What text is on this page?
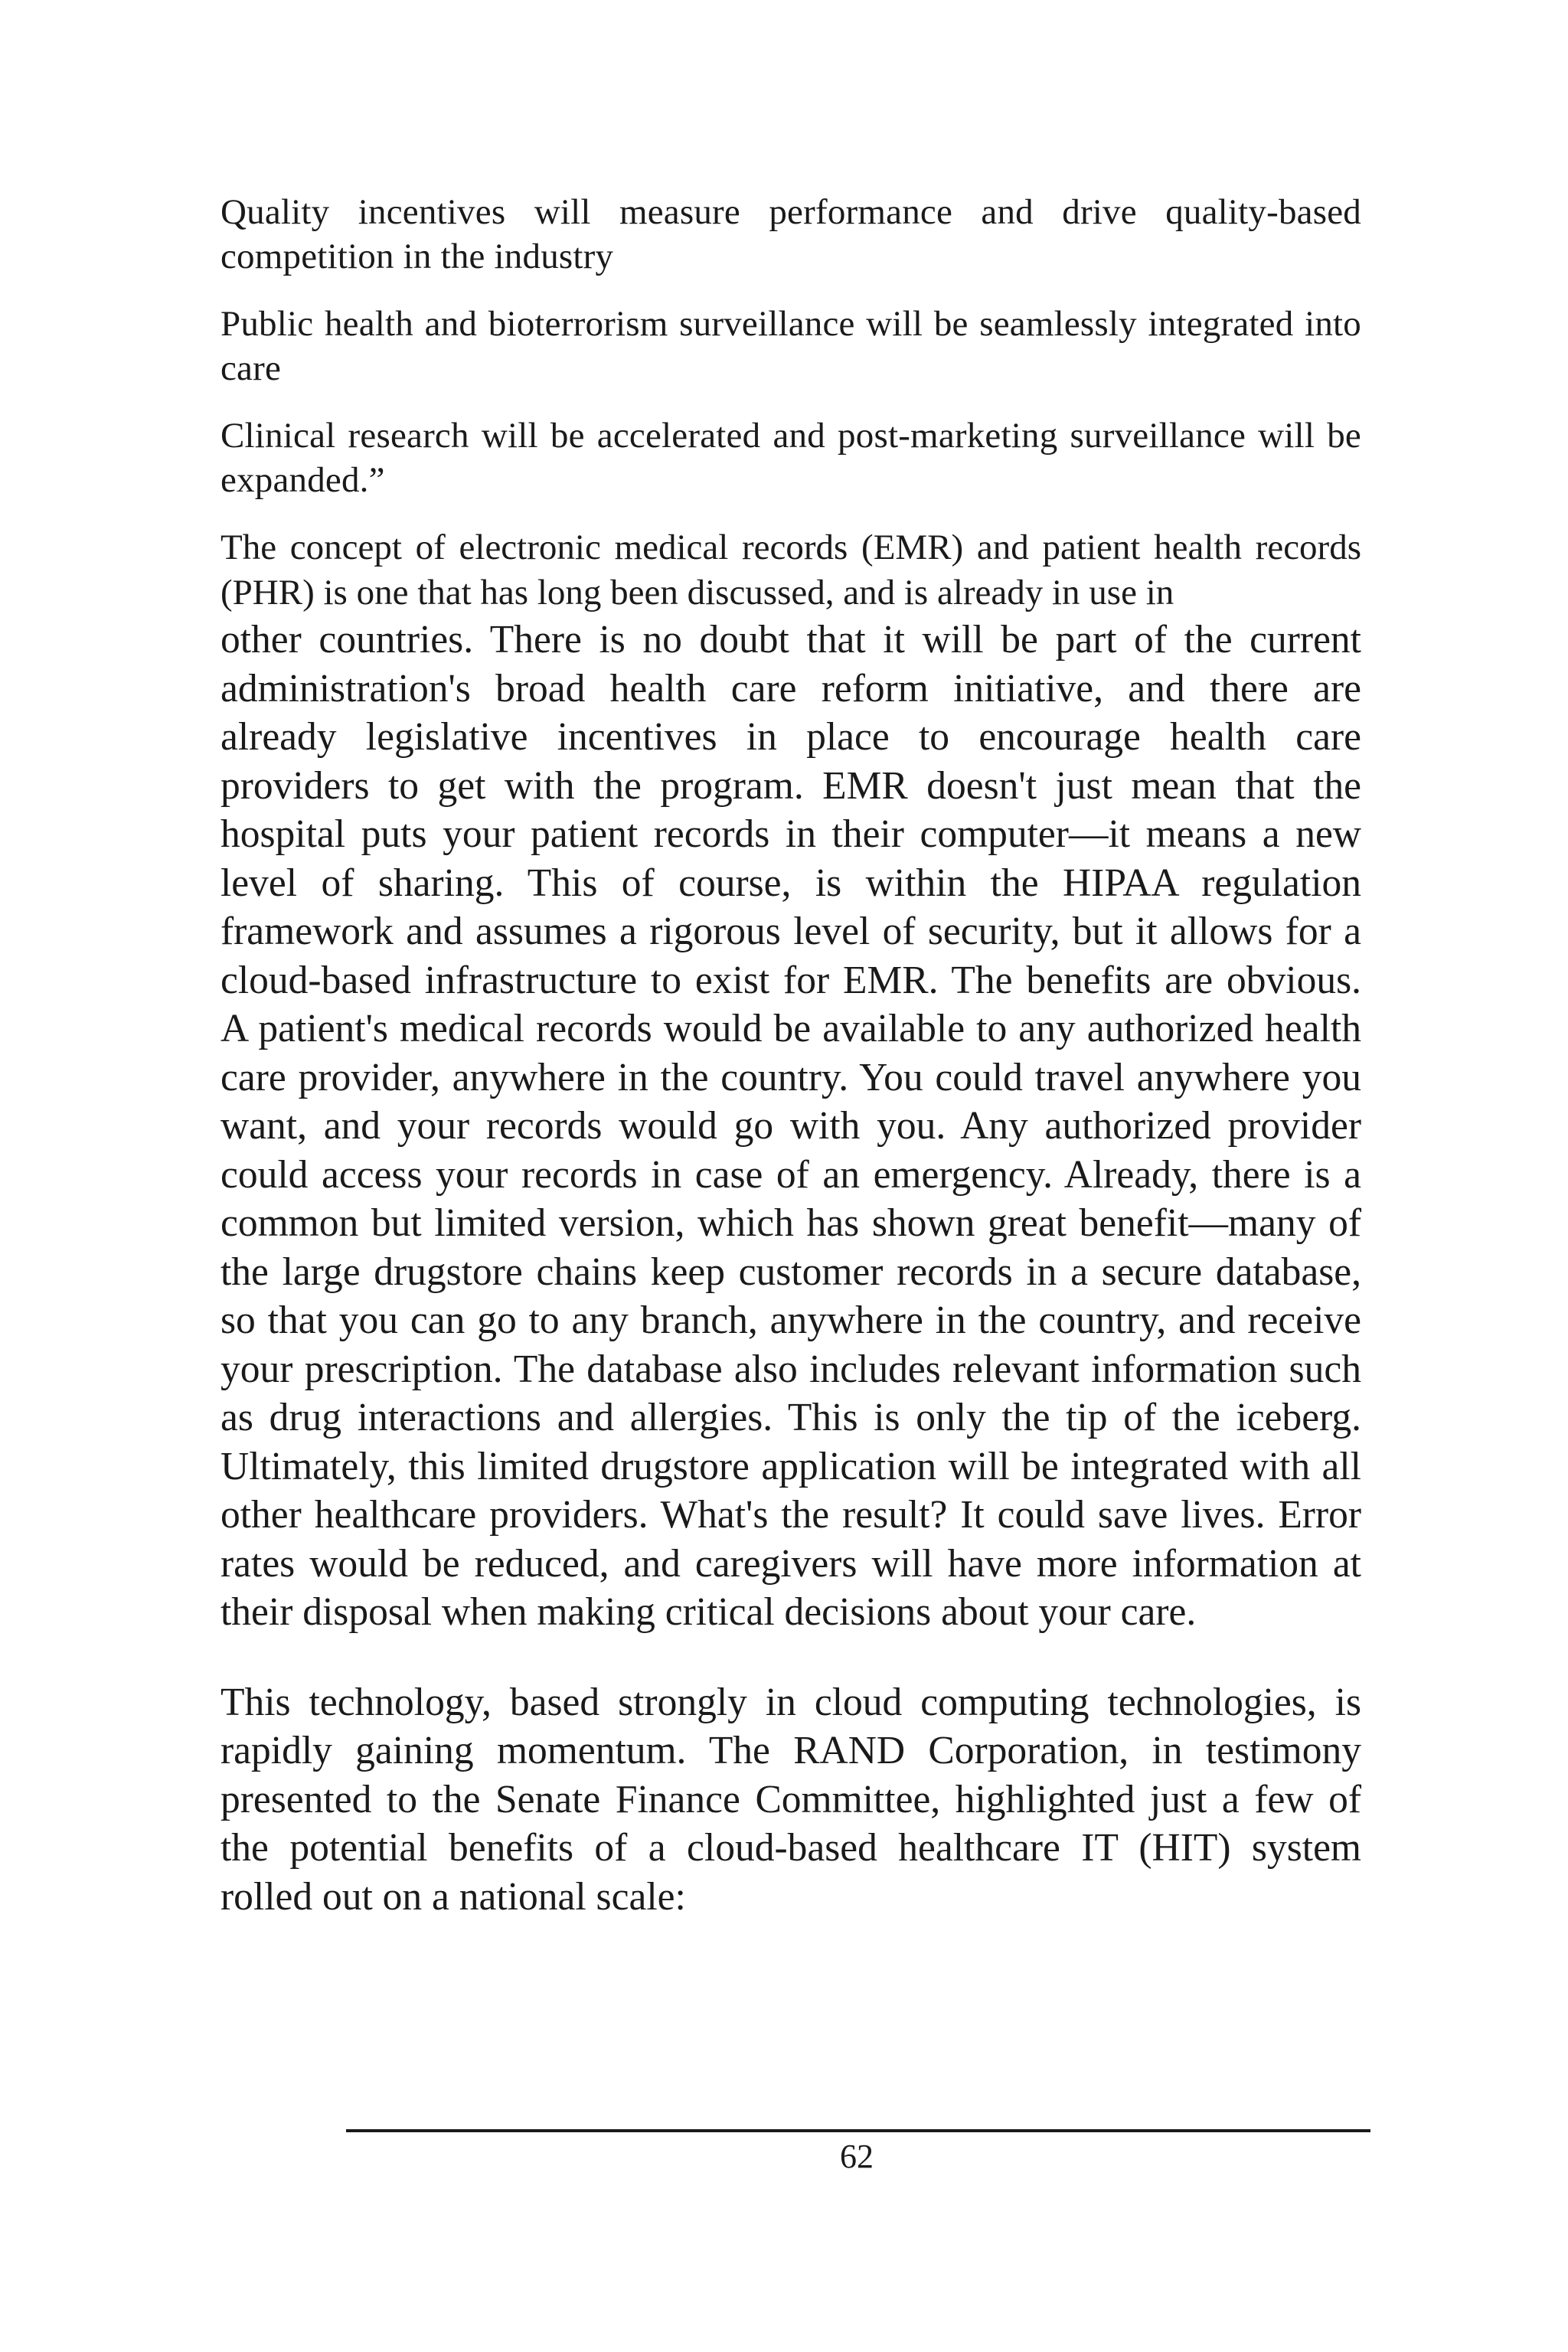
Quality incentives will measure performance and drive quality-based competition in the industry

Public health and bioterrorism surveillance will be seamlessly integrated into care

Clinical research will be accelerated and post-marketing surveillance will be expanded.”

The concept of electronic medical records (EMR) and patient health records (PHR) is one that has long been discussed, and is already in use in

other countries. There is no doubt that it will be part of the current administration's broad health care reform initiative, and there are already legislative incentives in place to encourage health care providers to get with the program. EMR doesn't just mean that the hospital puts your patient records in their computer—it means a new level of sharing. This of course, is within the HIPAA regulation framework and assumes a rigorous level of security, but it allows for a cloud-based infrastructure to exist for EMR. The benefits are obvious. A patient's medical records would be available to any authorized health care provider, anywhere in the country. You could travel anywhere you want, and your records would go with you. Any authorized provider could access your records in case of an emergency. Already, there is a common but limited version, which has shown great benefit—many of the large drugstore chains keep customer records in a secure database, so that you can go to any branch, anywhere in the country, and receive your prescription. The database also includes relevant information such as drug interactions and allergies. This is only the tip of the iceberg. Ultimately, this limited drugstore application will be integrated with all other healthcare providers. What's the result? It could save lives. Error rates would be reduced, and caregivers will have more information at their disposal when making critical decisions about your care.

This technology, based strongly in cloud computing technologies, is rapidly gaining momentum. The RAND Corporation, in testimony presented to the Senate Finance Committee, highlighted just a few of the potential benefits of a cloud-based healthcare IT (HIT) system rolled out on a national scale:

62
